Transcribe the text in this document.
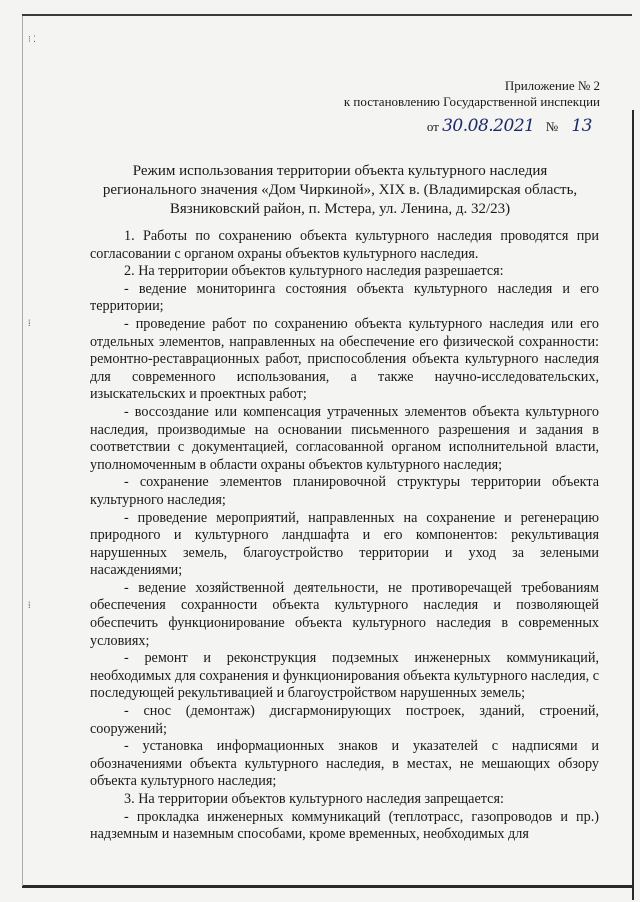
⁝ ⁚
⁞
⁞
Приложение № 2
к постановлению Государственной инспекции
от 30.08.2021 № 13
Режим использования территории объекта культурного наследия
регионального значения «Дом Чиркиной», XIX в. (Владимирская область,
Вязниковский район, п. Мстера, ул. Ленина, д. 32/23)

1. Работы по сохранению объекта культурного наследия проводятся при согласовании с органом охраны объектов культурного наследия.

2. На территории объектов культурного наследия разрешается:

- ведение мониторинга состояния объекта культурного наследия и его территории;

- проведение работ по сохранению объекта культурного наследия или его отдельных элементов, направленных на обеспечение его физической сохранности: ремонтно-реставрационных работ, приспособления объекта культурного наследия для современного использования, а также научно-исследовательских, изыскательских и проектных работ;

- воссоздание или компенсация утраченных элементов объекта культурного наследия, производимые на основании письменного разрешения и задания в соответствии с документацией, согласованной органом исполнительной власти, уполномоченным в области охраны объектов культурного наследия;

- сохранение элементов планировочной структуры территории объекта культурного наследия;

- проведение мероприятий, направленных на сохранение и регенерацию природного и культурного ландшафта и его компонентов: рекультивация нарушенных земель, благоустройство территории и уход за зелеными насаждениями;

- ведение хозяйственной деятельности, не противоречащей требованиям обеспечения сохранности объекта культурного наследия и позволяющей обеспечить функционирование объекта культурного наследия в современных условиях;

- ремонт и реконструкция подземных инженерных коммуникаций, необходимых для сохранения и функционирования объекта культурного наследия, с последующей рекультивацией и благоустройством нарушенных земель;

- снос (демонтаж) дисгармонирующих построек, зданий, строений, сооружений;

- установка информационных знаков и указателей с надписями и обозначениями объекта культурного наследия, в местах, не мешающих обзору объекта культурного наследия;

3. На территории объектов культурного наследия запрещается:

- прокладка инженерных коммуникаций (теплотрасс, газопроводов и пр.) надземным и наземным способами, кроме временных, необходимых для
